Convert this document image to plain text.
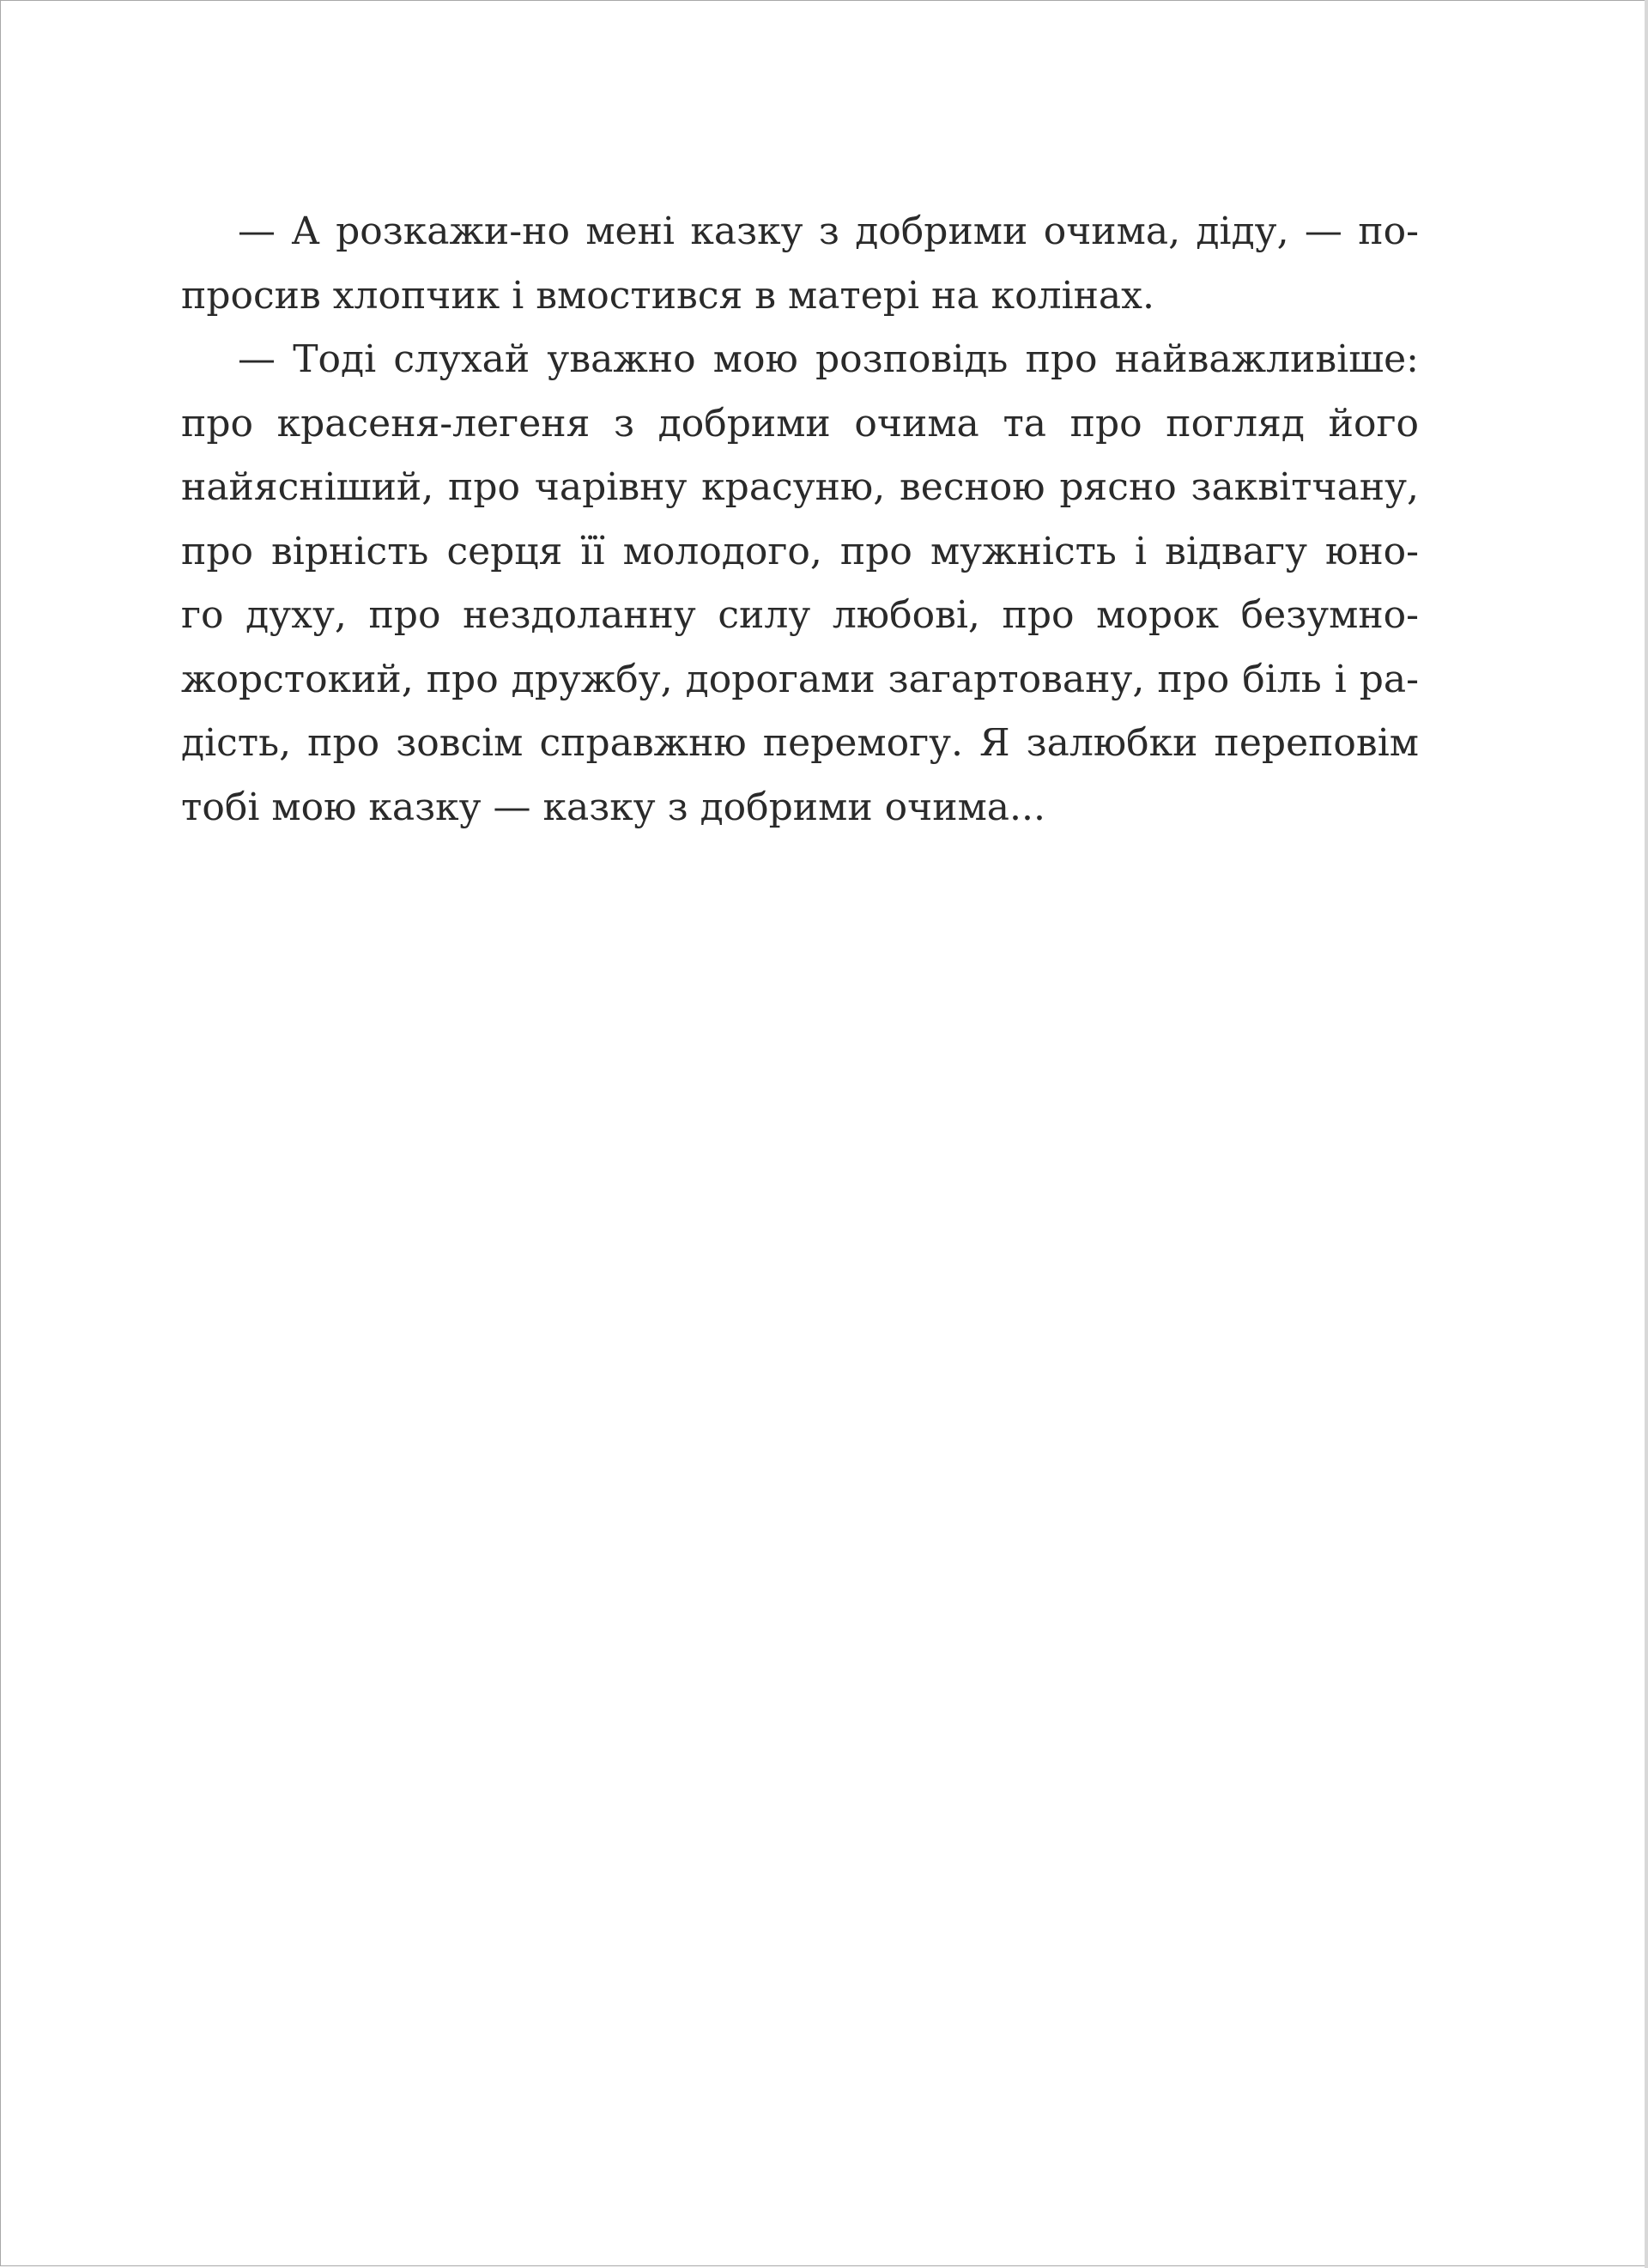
— А розкажи-но мені казку з добрими очима, діду, — по-
просив хлопчик і вмостився в матері на колінах.
— Тоді слухай уважно мою розповідь про найважливіше:
про красеня-легеня з добрими очима та про погляд його
найясніший, про чарівну красуню, весною рясно заквітчану,
про вірність серця її молодого, про мужність і відвагу юно-
го духу, про нездоланну силу любові, про морок безумно-
жорстокий, про дружбу, дорогами загартовану, про біль і ра-
дість, про зовсім справжню перемогу. Я залюбки переповім
тобі мою казку — казку з добрими очима...
